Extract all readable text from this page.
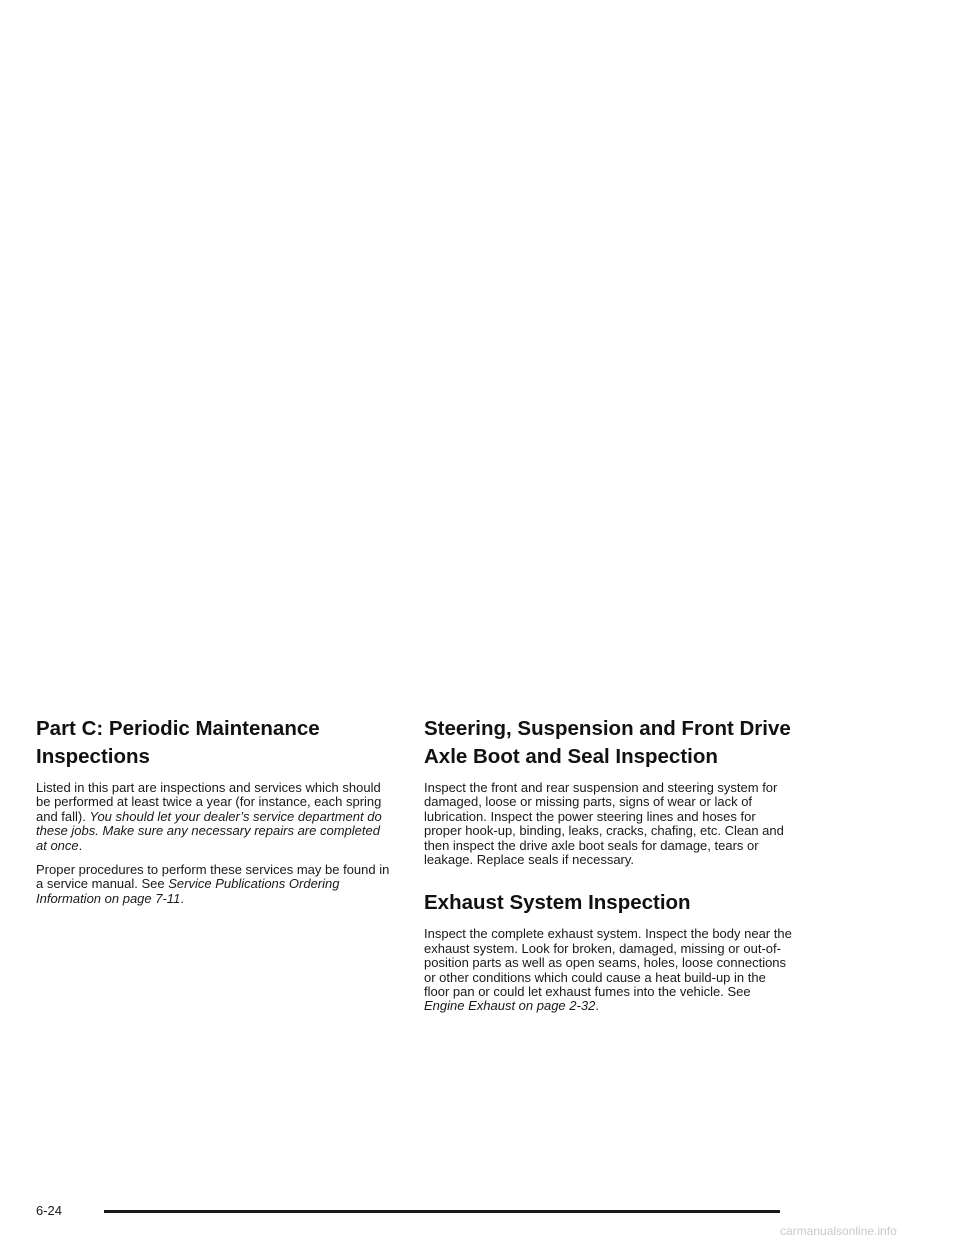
Part C: Periodic Maintenance Inspections

Listed in this part are inspections and services which should be performed at least twice a year (for instance, each spring and fall). You should let your dealer’s service department do these jobs. Make sure any necessary repairs are completed at once.

Proper procedures to perform these services may be found in a service manual. See Service Publications Ordering Information on page 7-11.

Steering, Suspension and Front Drive Axle Boot and Seal Inspection

Inspect the front and rear suspension and steering system for damaged, loose or missing parts, signs of wear or lack of lubrication. Inspect the power steering lines and hoses for proper hook-up, binding, leaks, cracks, chafing, etc. Clean and then inspect the drive axle boot seals for damage, tears or leakage. Replace seals if necessary.

Exhaust System Inspection

Inspect the complete exhaust system. Inspect the body near the exhaust system. Look for broken, damaged, missing or out-of-position parts as well as open seams, holes, loose connections or other conditions which could cause a heat build-up in the floor pan or could let exhaust fumes into the vehicle. See Engine Exhaust on page 2-32.

6-24
carmanualsonline.info
